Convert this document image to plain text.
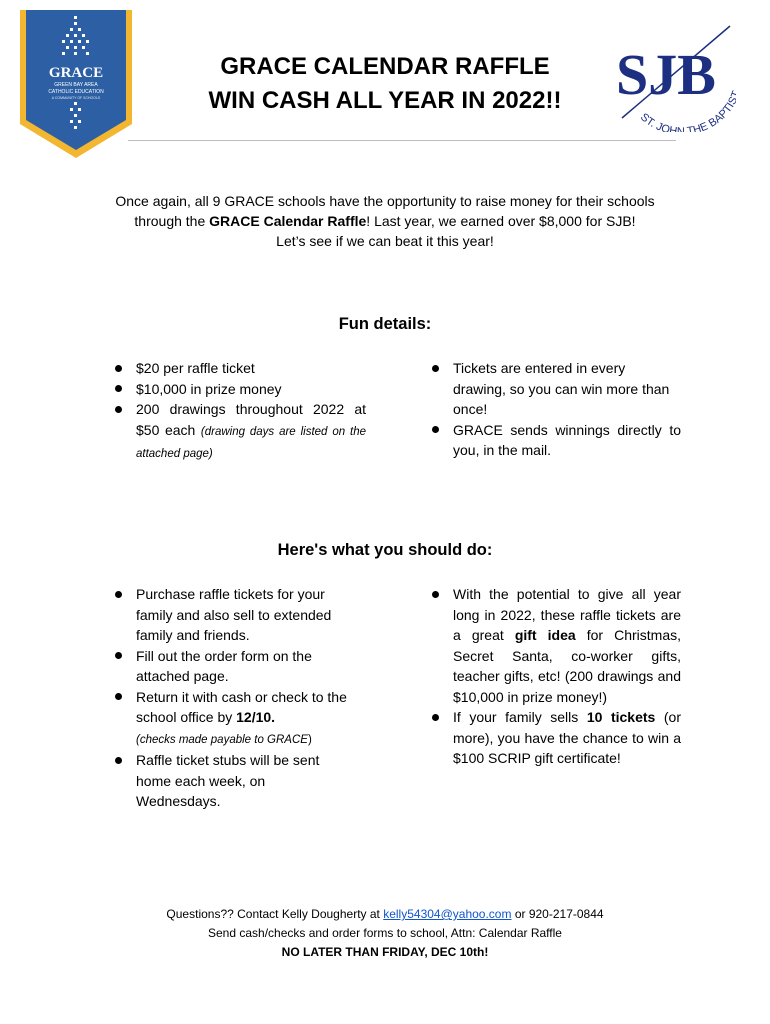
GRACE
GREEN BAY AREA
CATHOLIC EDUCATION
A COMMUNITY OF SCHOOLS	SJB
ST. JOHN THE BAPTI
GRACE CALENDAR RAFFLE
WIN CASH ALL YEAR IN 2022!!
Once again, all 9 GRACE schools have the opportunity to raise money for their schools
through the GRACE Calendar Raffle! Last year, we earned over $8,000 for SJB!
Let’s see if we can beat it this year!
Fun details:
$20 per raffle ticket
$10,000 in prize money
200 drawings throughout 2022 at $50 each (drawing days are listed on the attached page)
Tickets are entered in every drawing, so you can win more than once!
GRACE sends winnings directly to you, in the mail.
Here's what you should do:
Purchase raffle tickets for your family and also sell to extended family and friends.
Fill out the order form on the attached page.
Return it with cash or check to the school office by 12/10.
(checks made payable to GRACE)
Raffle ticket stubs will be sent home each week, on Wednesdays.
With the potential to give all year long in 2022, these raffle tickets are a great gift idea for Christmas, Secret Santa, co-worker gifts, teacher gifts, etc! (200 drawings and $10,000 in prize money!)
If your family sells 10 tickets (or more), you have the chance to win a $100 SCRIP gift certificate!
Questions?? Contact Kelly Dougherty at kelly54304@yahoo.com or 920-217-0844
Send cash/checks and order forms to school, Attn: Calendar Raffle
NO LATER THAN FRIDAY, DEC 10th!
